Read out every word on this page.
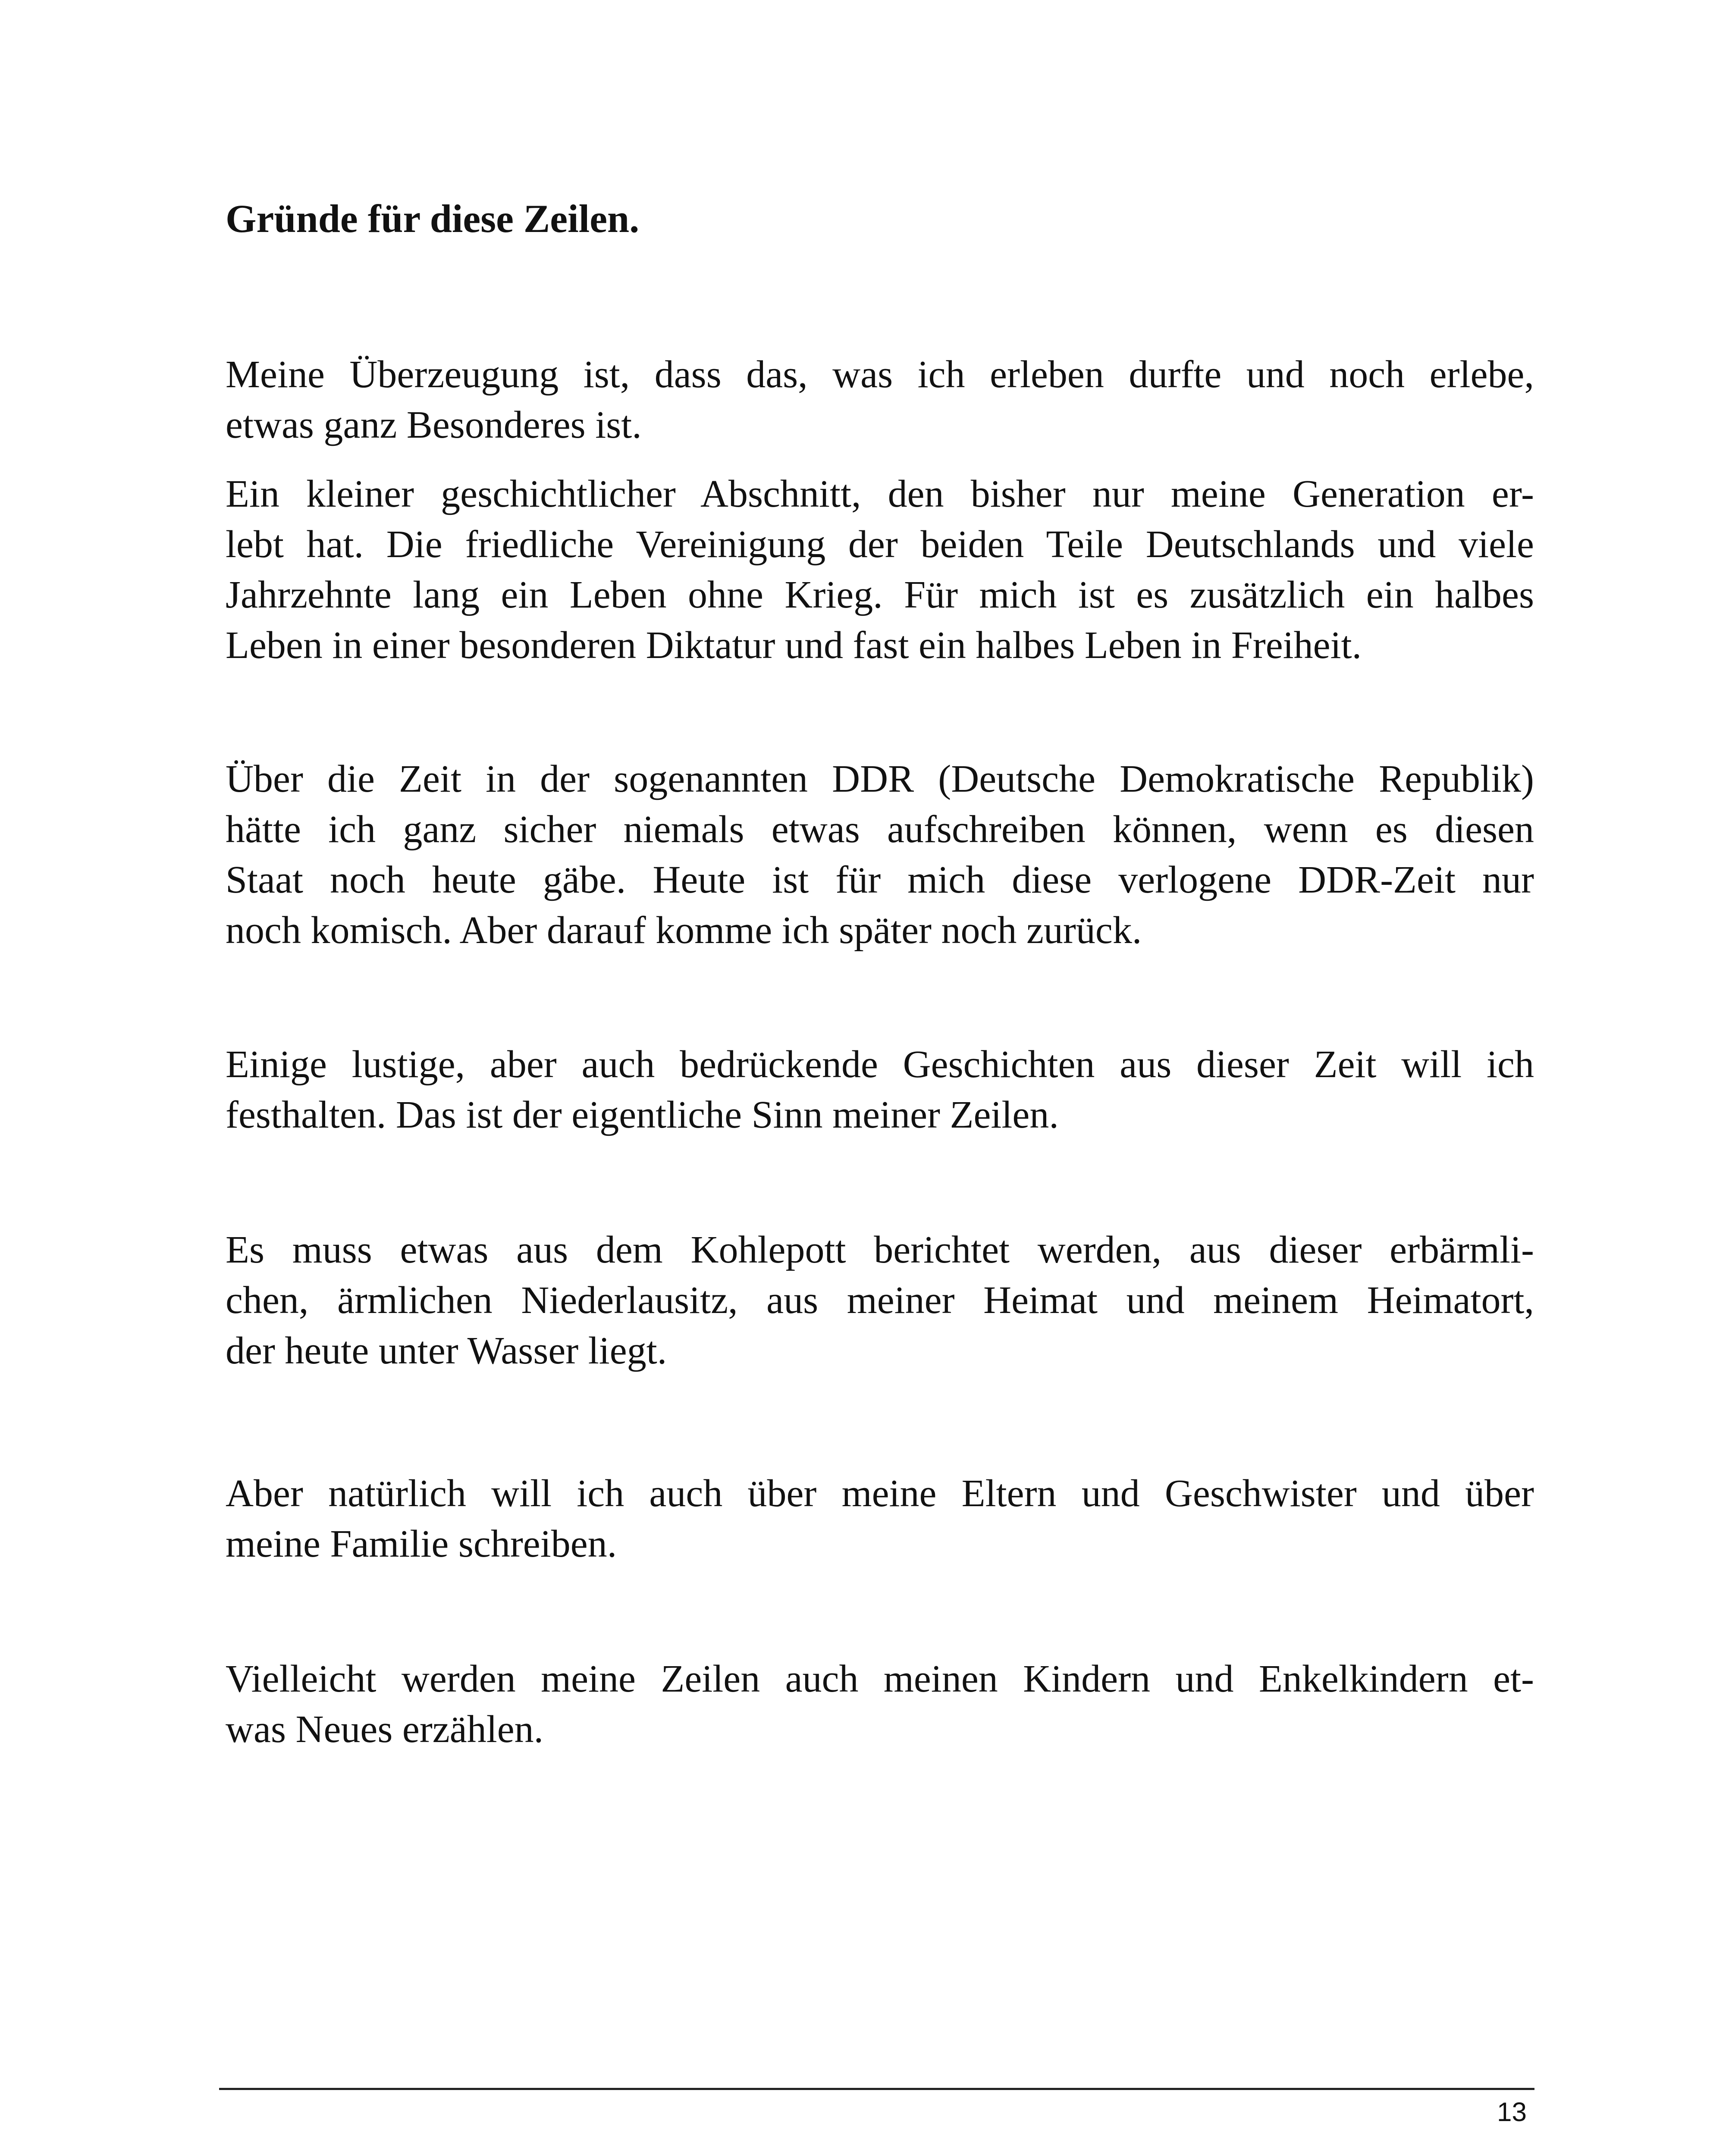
Gründe für diese Zeilen.

Meine Überzeugung ist, dass das, was ich erleben durfte und noch erlebe,
etwas ganz Besonderes ist.

Ein kleiner geschichtlicher Abschnitt, den bisher nur meine Generation er-
lebt hat. Die friedliche Vereinigung der beiden Teile Deutschlands und viele
Jahrzehnte lang ein Leben ohne Krieg. Für mich ist es zusätzlich ein halbes
Leben in einer besonderen Diktatur und fast ein halbes Leben in Freiheit.

Über die Zeit in der sogenannten DDR (Deutsche Demokratische Republik)
hätte ich ganz sicher niemals etwas aufschreiben können, wenn es diesen
Staat noch heute gäbe. Heute ist für mich diese verlogene DDR-Zeit nur
noch komisch. Aber darauf komme ich später noch zurück.

Einige lustige, aber auch bedrückende Geschichten aus dieser Zeit will ich
festhalten. Das ist der eigentliche Sinn meiner Zeilen.

Es muss etwas aus dem Kohlepott berichtet werden, aus dieser erbärmli-
chen, ärmlichen Niederlausitz, aus meiner Heimat und meinem Heimatort,
der heute unter Wasser liegt.

Aber natürlich will ich auch über meine Eltern und Geschwister und über
meine Familie schreiben.

Vielleicht werden meine Zeilen auch meinen Kindern und Enkelkindern et-
was Neues erzählen.

13
